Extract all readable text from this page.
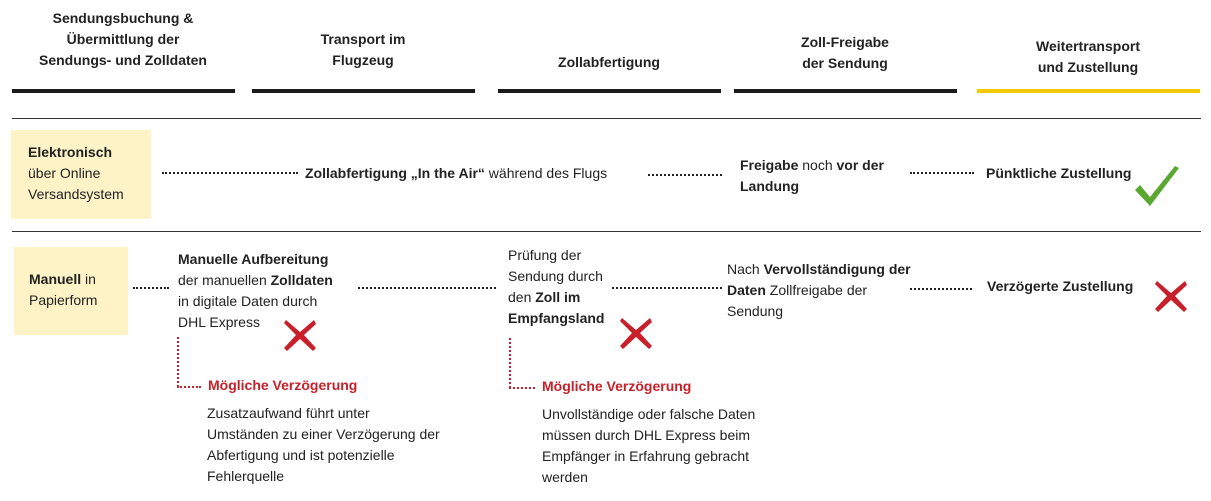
Sendungsbuchung &
Übermittlung der
Sendungs- und Zolldaten
Transport im
Flugzeug	Zollabfertigung
Zoll-Freigabe
der Sendung
Weitertransport
und Zustellung
Elektronisch
über Online
Versandsystem
Zollabfertigung „In the Air“ während des Flugs	Freigabe noch vor der
Landung
Pünktliche Zustellung
Manuell in
Papierform
Manuelle Aufbereitung
der manuellen Zolldaten
in digitale Daten durch
DHL Express
Prüfung der
Sendung durch
den Zoll im
Empfangsland
Nach Vervollständigung der
Daten Zollfreigabe der
Sendung
Verzögerte Zustellung
Mögliche Verzögerung
Zusatzaufwand führt unter
Umständen zu einer Verzögerung der
Abfertigung und ist potenzielle
Fehlerquelle
Mögliche Verzögerung
Unvollständige oder falsche Daten
müssen durch DHL Express beim
Empfänger in Erfahrung gebracht
werden
